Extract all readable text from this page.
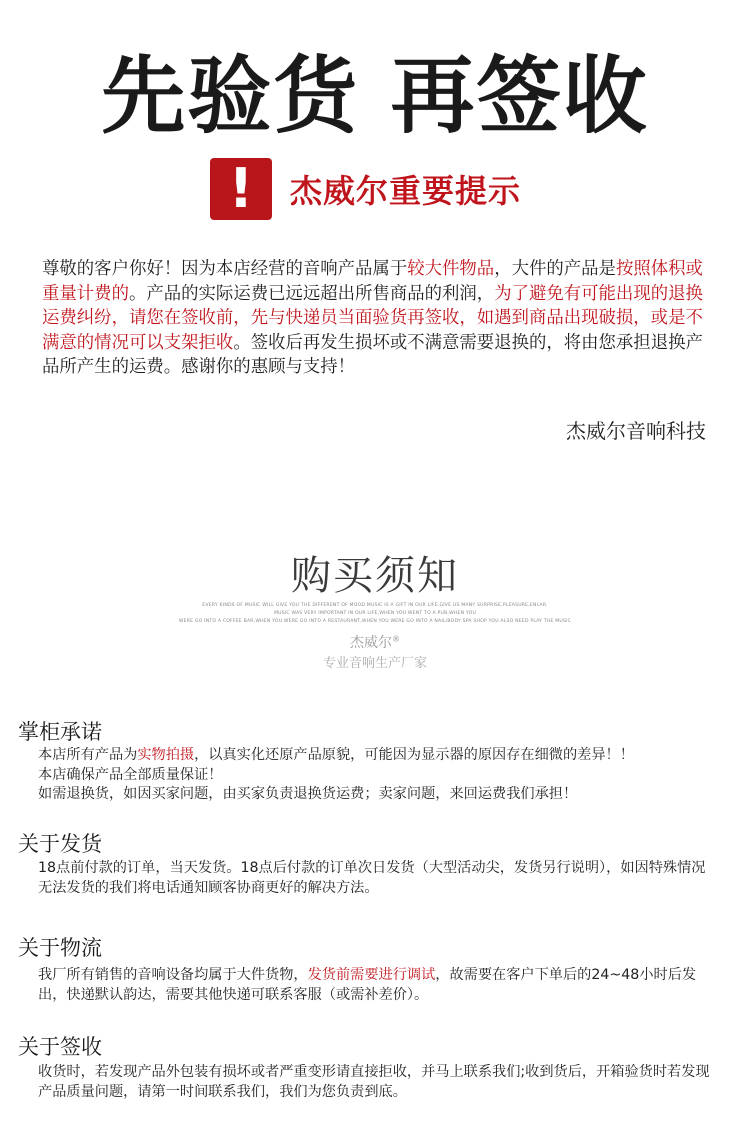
先验货 再签收
!	杰威尔重要提示

尊敬的客户你好！因为本店经营的音响产品属于较大件物品，大件的产品是按照体积或重量计费的。产品的实际运费已远远超出所售商品的利润，为了避免有可能出现的退换运费纠纷，请您在签收前，先与快递员当面验货再签收，如遇到商品出现破损，或是不满意的情况可以支架拒收。签收后再发生损坏或不满意需要退换的，将由您承担退换产品所产生的运费。感谢你的惠顾与支持！

杰威尔音响科技
购买须知
EVERY KINDS OF MUSIC WILL GIVE YOU THE DIFFERENT OF MOOD.MUSIC IS A GIFT IN OUR LIFE,GIVE US MANY SURPRISE,PLEASURE,ENLAR.
MUSIC WAS VERY IMPORTANT IN OUR LIFE,WHEN YOU WENT TO A PUB,WHEN YOU
WERE GO INTO A COFFEE BAR,WHEN YOU WERE GO INTO A RESTAURANT,WHEN YOU WERE GO INTO A NAIL/BODY SPA SHOP YOU ALSO NEED PLAY THE MUSIC
杰威尔®
专业音响生产厂家
掌柜承诺

本店所有产品为实物拍摄，以真实化还原产品原貌，可能因为显示器的原因存在细微的差异！！

本店确保产品全部质量保证！

如需退换货，如因买家问题，由买家负责退换货运费；卖家问题，来回运费我们承担！

关于发货

18点前付款的订单，当天发货。18点后付款的订单次日发货（大型活动尖，发货另行说明），如因特殊情况无法发货的我们将电话通知顾客协商更好的解决方法。

关于物流

我厂所有销售的音响设备均属于大件货物，发货前需要进行调试，故需要在客户下单后的24~48小时后发出，快递默认韵达，需要其他快递可联系客服（或需补差价）。

关于签收

收货时，若发现产品外包装有损坏或者严重变形请直接拒收，并马上联系我们;收到货后，开箱验货时若发现产品质量问题，请第一时间联系我们，我们为您负责到底。
